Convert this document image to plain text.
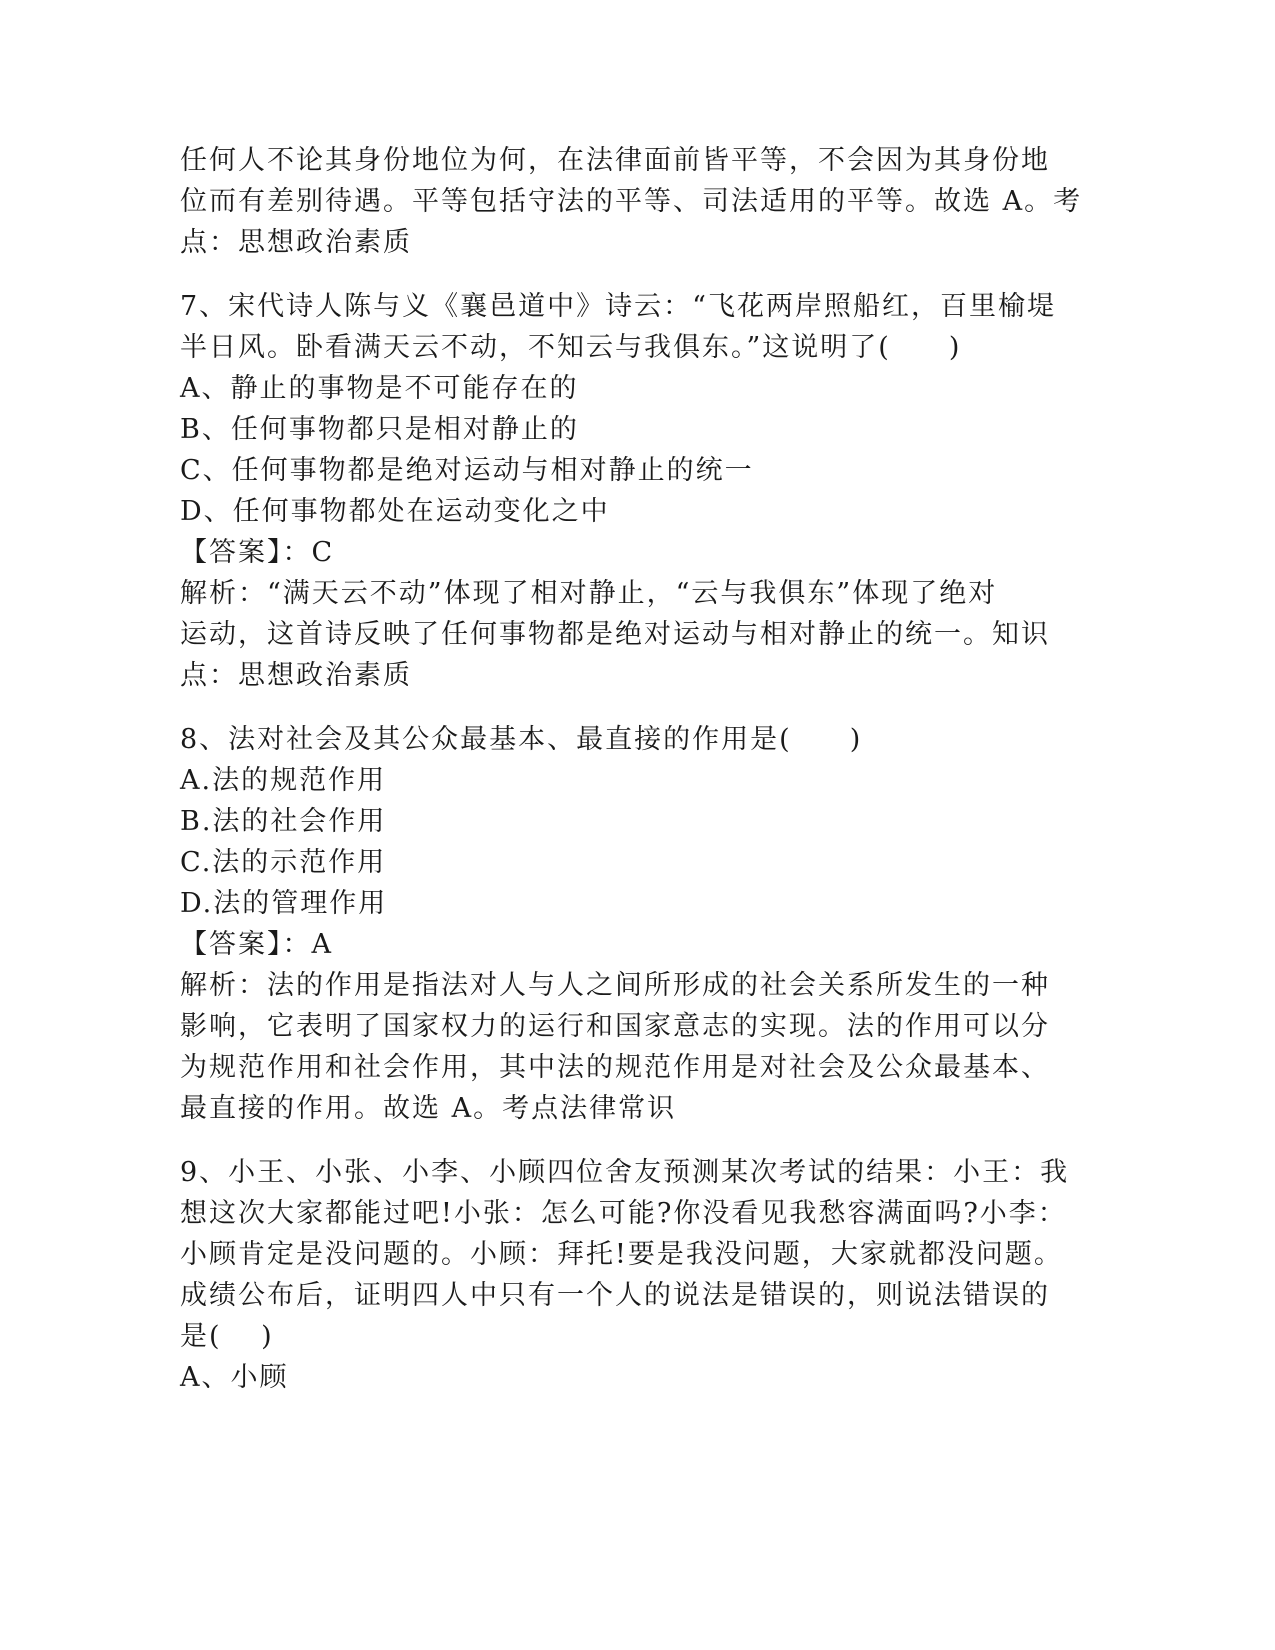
任何人不论其身份地位为何，在法律面前皆平等，不会因为其身份地
位而有差别待遇。平等包括守法的平等、司法适用的平等。故选 A。考
点：思想政治素质
7、宋代诗人陈与义《襄邑道中》诗云：“飞花两岸照船红，百里榆堤
半日风。卧看满天云不动，不知云与我俱东。”这说明了(　　)
A、静止的事物是不可能存在的
B、任何事物都只是相对静止的
C、任何事物都是绝对运动与相对静止的统一
D、任何事物都处在运动变化之中
【答案】：C
解析：“满天云不动”体现了相对静止，“云与我俱东”体现了绝对
运动，这首诗反映了任何事物都是绝对运动与相对静止的统一。知识
点：思想政治素质
8、法对社会及其公众最基本、最直接的作用是(　　)
A.法的规范作用
B.法的社会作用
C.法的示范作用
D.法的管理作用
【答案】：A
解析：法的作用是指法对人与人之间所形成的社会关系所发生的一种
影响，它表明了国家权力的运行和国家意志的实现。法的作用可以分
为规范作用和社会作用，其中法的规范作用是对社会及公众最基本、
最直接的作用。故选 A。考点法律常识
9、小王、小张、小李、小顾四位舍友预测某次考试的结果：小王：我
想这次大家都能过吧!小张：怎么可能?你没看见我愁容满面吗?小李：
小顾肯定是没问题的。小顾：拜托!要是我没问题，大家就都没问题。
成绩公布后，证明四人中只有一个人的说法是错误的，则说法错误的
是(　 )
A、小顾
